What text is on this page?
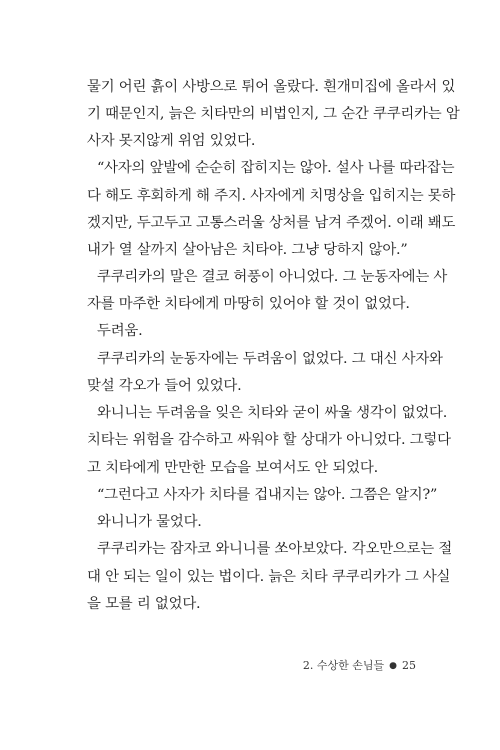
물기 어린 흙이 사방으로 튀어 올랐다. 흰개미집에 올라서 있
기 때문인지, 늙은 치타만의 비법인지, 그 순간 쿠쿠리카는 암
사자 못지않게 위엄 있었다.
“사자의 앞발에 순순히 잡히지는 않아. 설사 나를 따라잡는
다 해도 후회하게 해 주지. 사자에게 치명상을 입히지는 못하
겠지만, 두고두고 고통스러울 상처를 남겨 주겠어. 이래 봬도
내가 열 살까지 살아남은 치타야. 그냥 당하지 않아.”
쿠쿠리카의 말은 결코 허풍이 아니었다. 그 눈동자에는 사
자를 마주한 치타에게 마땅히 있어야 할 것이 없었다.
두려움.
쿠쿠리카의 눈동자에는 두려움이 없었다. 그 대신 사자와
맞설 각오가 들어 있었다.
와니니는 두려움을 잊은 치타와 굳이 싸울 생각이 없었다.
치타는 위험을 감수하고 싸워야 할 상대가 아니었다. 그렇다
고 치타에게 만만한 모습을 보여서도 안 되었다.
“그런다고 사자가 치타를 겁내지는 않아. 그쯤은 알지?”
와니니가 물었다.
쿠쿠리카는 잠자코 와니니를 쏘아보았다. 각오만으로는 절
대 안 되는 일이 있는 법이다. 늙은 치타 쿠쿠리카가 그 사실
을 모를 리 없었다.
2. 수상한 손님들 ● 25
